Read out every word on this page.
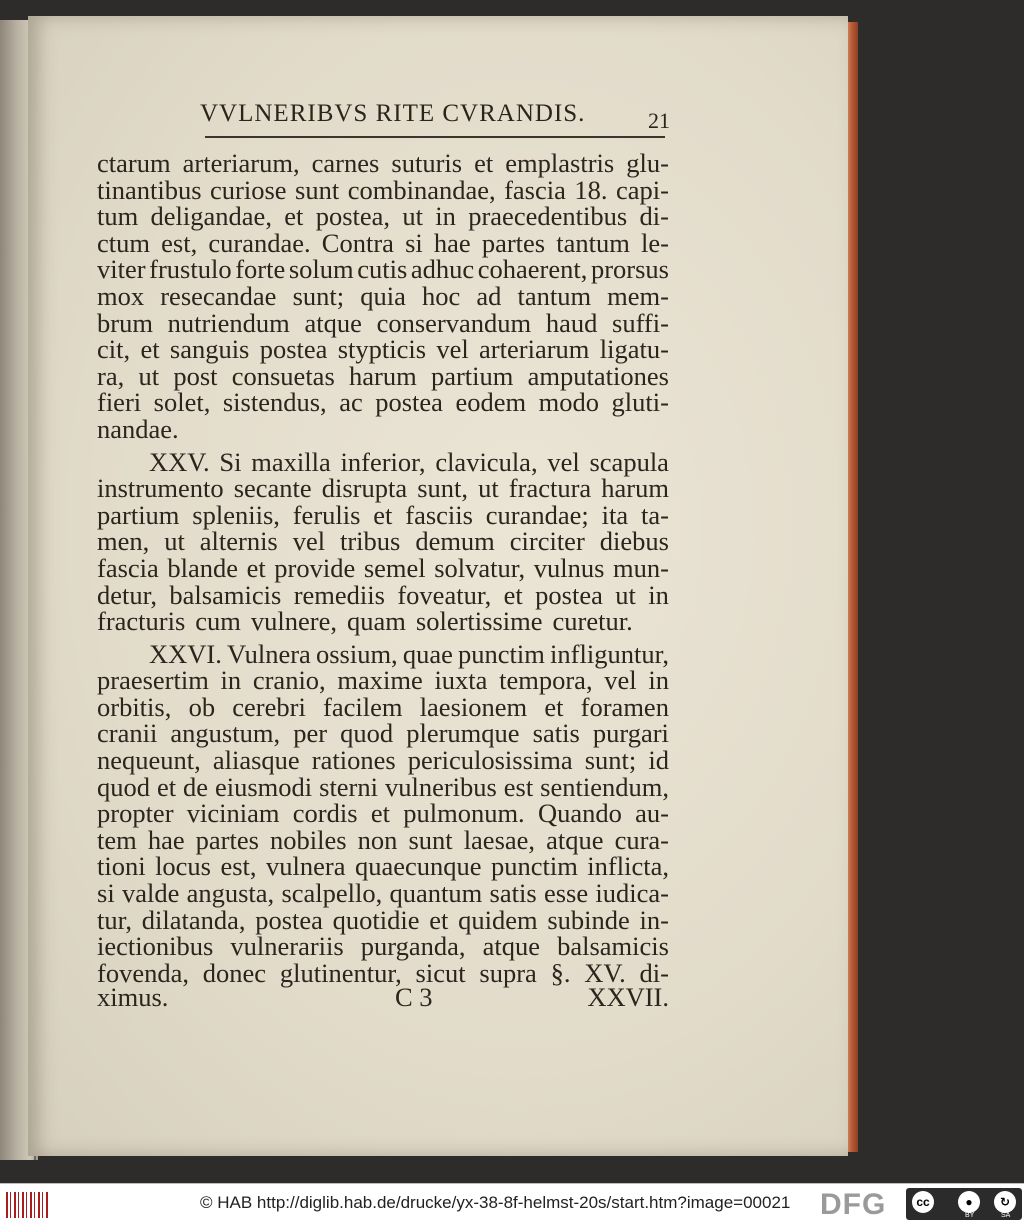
VVLNERIBVS RITE CVRANDIS.	21
ctarum arteriarum, carnes suturis et emplastris glu-
tinantibus curiose sunt combinandae, fascia 18. capi-
tum deligandae, et postea, ut in praecedentibus di-
ctum est, curandae. Contra si hae partes tantum le-
viter frustulo forte solum cutis adhuc cohaerent, prorsus
mox resecandae sunt; quia hoc ad tantum mem-
brum nutriendum atque conservandum haud suffi-
cit, et sanguis postea stypticis vel arteriarum ligatu-
ra, ut post consuetas harum partium amputationes
fieri solet, sistendus, ac postea eodem modo gluti-
nandae.
XXV. Si maxilla inferior, clavicula, vel scapula
instrumento secante disrupta sunt, ut fractura harum
partium spleniis, ferulis et fasciis curandae; ita ta-
men, ut alternis vel tribus demum circiter diebus
fascia blande et provide semel solvatur, vulnus mun-
detur, balsamicis remediis foveatur, et postea ut in
fracturis cum vulnere, quam solertissime curetur.
XXVI. Vulnera ossium, quae punctim infliguntur,
praesertim in cranio, maxime iuxta tempora, vel in
orbitis, ob cerebri facilem laesionem et foramen
cranii angustum, per quod plerumque satis purgari
nequeunt, aliasque rationes periculosissima sunt; id
quod et de eiusmodi sterni vulneribus est sentiendum,
propter viciniam cordis et pulmonum. Quando au-
tem hae partes nobiles non sunt laesae, atque cura-
tioni locus est, vulnera quaecunque punctim inflicta,
si valde angusta, scalpello, quantum satis esse iudica-
tur, dilatanda, postea quotidie et quidem subinde in-
iectionibus vulnerariis purganda, atque balsamicis
fovenda, donec glutinentur, sicut supra §. XV. di-
ximus.	C 3	XXVII.
© HAB http://diglib.hab.de/drucke/yx-38-8f-helmst-20s/start.htm?image=00021 DFG	cc	●	↻
BY	SA
